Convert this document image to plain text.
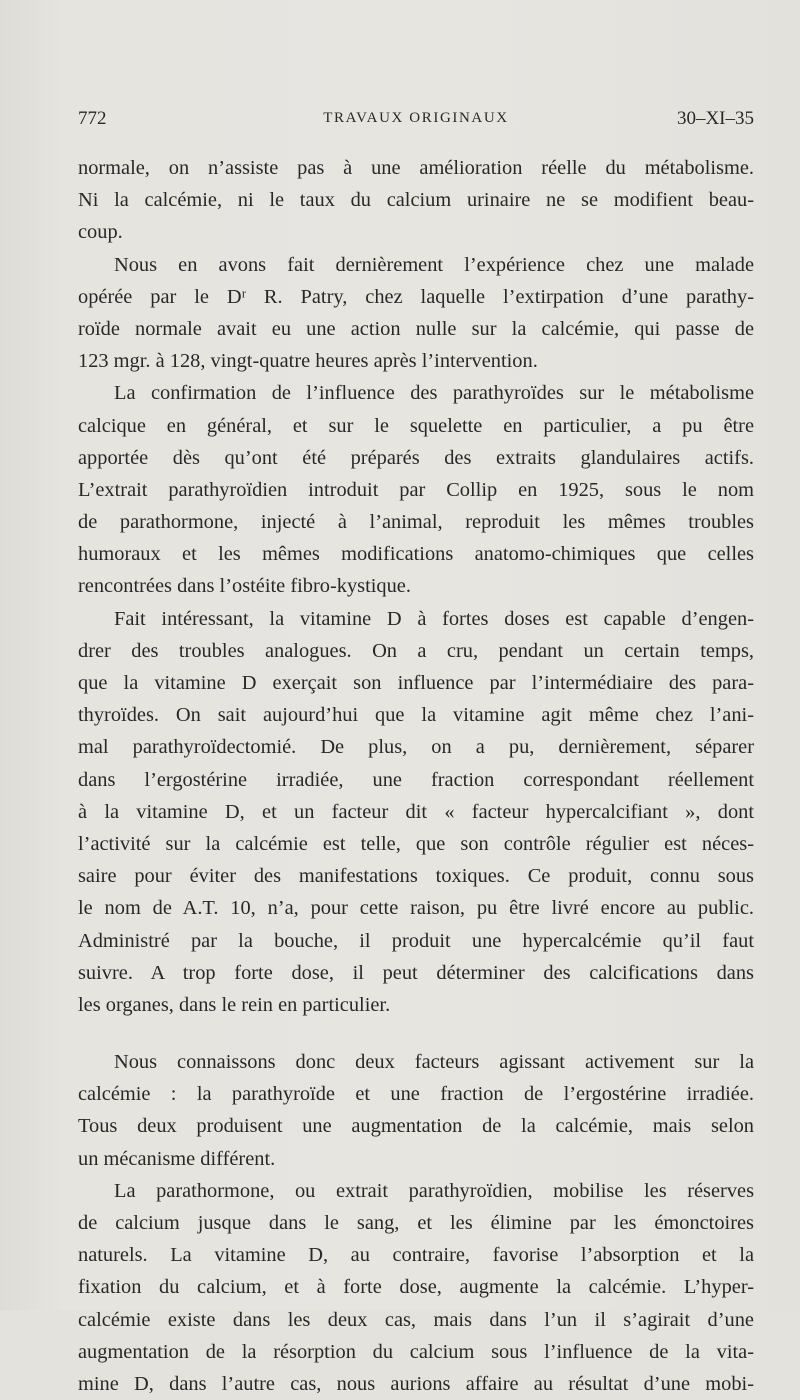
772	TRAVAUX ORIGINAUX	30–XI–35
normale, on n’assiste pas à une amélioration réelle du métabolisme.
Ni la calcémie, ni le taux du calcium urinaire ne se modifient beau-
coup.
Nous en avons fait dernièrement l’expérience chez une malade
opérée par le Dʳ R. Patry, chez laquelle l’extirpation d’une parathy-
roïde normale avait eu une action nulle sur la calcémie, qui passe de
123 mgr. à 128, vingt-quatre heures après l’intervention.
La confirmation de l’influence des parathyroïdes sur le métabolisme
calcique en général, et sur le squelette en particulier, a pu être
apportée dès qu’ont été préparés des extraits glandulaires actifs.
L’extrait parathyroïdien introduit par Collip en 1925, sous le nom
de parathormone, injecté à l’animal, reproduit les mêmes troubles
humoraux et les mêmes modifications anatomo-chimiques que celles
rencontrées dans l’ostéite fibro-kystique.
Fait intéressant, la vitamine D à fortes doses est capable d’engen-
drer des troubles analogues. On a cru, pendant un certain temps,
que la vitamine D exerçait son influence par l’intermédiaire des para-
thyroïdes. On sait aujourd’hui que la vitamine agit même chez l’ani-
mal parathyroïdectomié. De plus, on a pu, dernièrement, séparer
dans l’ergostérine irradiée, une fraction correspondant réellement
à la vitamine D, et un facteur dit « facteur hypercalcifiant », dont
l’activité sur la calcémie est telle, que son contrôle régulier est néces-
saire pour éviter des manifestations toxiques. Ce produit, connu sous
le nom de A.T. 10, n’a, pour cette raison, pu être livré encore au public.
Administré par la bouche, il produit une hypercalcémie qu’il faut
suivre. A trop forte dose, il peut déterminer des calcifications dans
les organes, dans le rein en particulier.
Nous connaissons donc deux facteurs agissant activement sur la
calcémie : la parathyroïde et une fraction de l’ergostérine irradiée.
Tous deux produisent une augmentation de la calcémie, mais selon
un mécanisme différent.
La parathormone, ou extrait parathyroïdien, mobilise les réserves
de calcium jusque dans le sang, et les élimine par les émonctoires
naturels. La vitamine D, au contraire, favorise l’absorption et la
fixation du calcium, et à forte dose, augmente la calcémie. L’hyper-
calcémie existe dans les deux cas, mais dans l’un il s’agirait d’une
augmentation de la résorption du calcium sous l’influence de la vita-
mine D, dans l’autre cas, nous aurions affaire au résultat d’une mobi-
